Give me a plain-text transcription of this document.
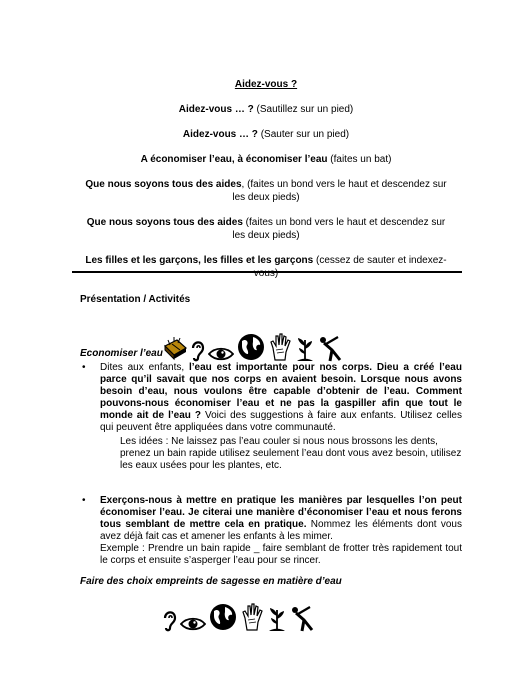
Aidez-vous ?

Aidez-vous … ? (Sautillez sur un pied)

Aidez-vous … ? (Sauter sur un pied)

A économiser l’eau, à économiser l’eau (faites un bat)

Que nous soyons tous des aides, (faites un bond vers le haut et descendez sur les deux pieds)

Que nous soyons tous des aides (faites un bond vers le haut et descendez sur les deux pieds)

Les filles et les garçons, les filles et les garçons (cessez de sauter et indexez-vous)

Présentation / Activités
Economiser l’eau
• Dites aux enfants, l’eau est importante pour nos corps. Dieu a créé l’eau parce qu’il savait que nos corps en avaient besoin. Lorsque nous avons besoin d’eau, nous voulons être capable d’obtenir de l’eau. Comment pouvons-nous économiser l’eau et ne pas la gaspiller afin que tout le monde ait de l’eau ? Voici des suggestions à faire aux enfants. Utilisez celles qui peuvent être appliquées dans votre communauté.
Les idées : Ne laissez pas l’eau couler si nous nous brossons les dents, prenez un bain rapide utilisez seulement l’eau dont vous avez besoin, utilisez les eaux usées pour les plantes, etc.
• Exerçons-nous à mettre en pratique les manières par lesquelles l’on peut économiser l’eau. Je citerai une manière d’économiser l’eau et nous ferons tous semblant de mettre cela en pratique. Nommez les éléments dont vous avez déjà fait cas et amener les enfants à les mimer.
Exemple : Prendre un bain rapide _ faire semblant de frotter très rapidement tout le corps et ensuite s’asperger l’eau pour se rincer.
Faire des choix empreints de sagesse en matière d’eau
